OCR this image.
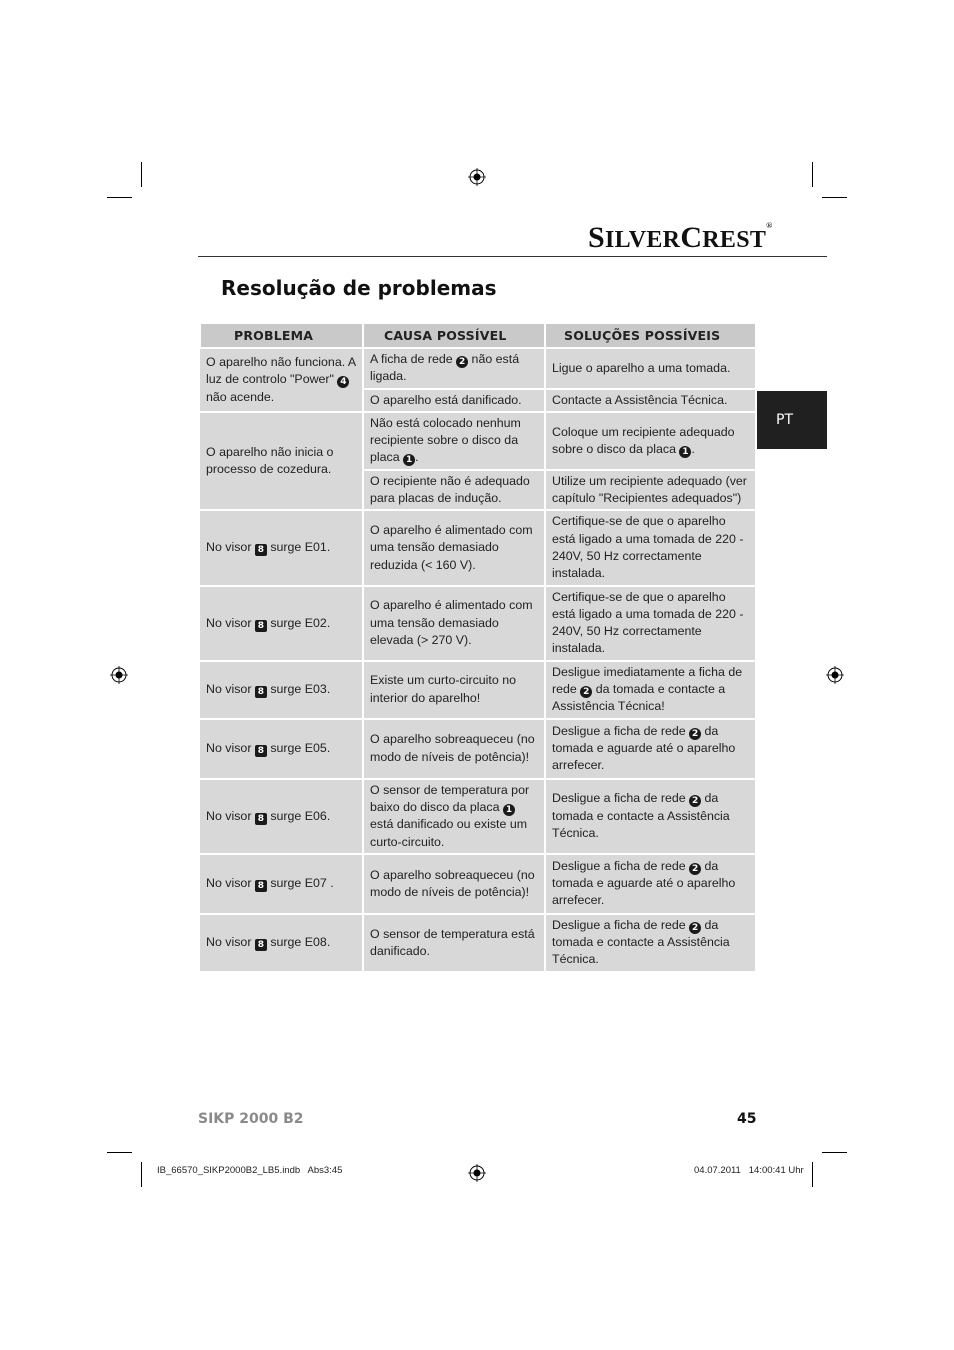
SILVERCREST®
Resolução de problemas
PT
PROBLEMA	CAUSA POSSÍVEL	SOLUÇÕES POSSÍVEIS
O aparelho não funciona. A luz de controlo "Power" 4 não acende.	A ficha de rede 2 não está ligada.	Ligue o aparelho a uma tomada.
	O aparelho está danificado.	Contacte a Assistência Técnica.
O aparelho não inicia o processo de cozedura.	Não está colocado nenhum recipiente sobre o disco da placa 1 .	Coloque um recipiente adequado sobre o disco da placa 1 .
	O recipiente não é adequado para placas de indução.	Utilize um recipiente adequado (ver capítulo "Recipientes adequados")
No visor 8 surge E01.	O aparelho é alimentado com uma tensão demasiado reduzida (< 160 V).	Certifique-se de que o aparelho está ligado a uma tomada de 220 - 240V, 50 Hz correctamente instalada.
No visor 8 surge E02.	O aparelho é alimentado com uma tensão demasiado elevada (> 270 V).	Certifique-se de que o aparelho está ligado a uma tomada de 220 - 240V, 50 Hz correctamente instalada.
No visor 8 surge E03.	Existe um curto-circuito no interior do aparelho!	Desligue imediatamente a ficha de rede 2 da tomada e contacte a Assistência Técnica!
No visor 8 surge E05.	O aparelho sobreaqueceu (no modo de níveis de potência)!	Desligue a ficha de rede 2 da tomada e aguarde até o aparelho arrefecer.
No visor 8 surge E06.	O sensor de temperatura por baixo do disco da placa 1 está danificado ou existe um curto-circuito.	Desligue a ficha de rede 2 da tomada e contacte a Assistência Técnica.
No visor 8 surge E07 .	O aparelho sobreaqueceu (no modo de níveis de potência)!	Desligue a ficha de rede 2 da tomada e aguarde até o aparelho arrefecer.
No visor 8 surge E08.	O sensor de temperatura está danificado.	Desligue a ficha de rede 2 da tomada e contacte a Assistência Técnica.
SIKP 2000 B2	45
IB_66570_SIKP2000B2_LB5.indb   Abs3:45	04.07.2011   14:00:41 Uhr
